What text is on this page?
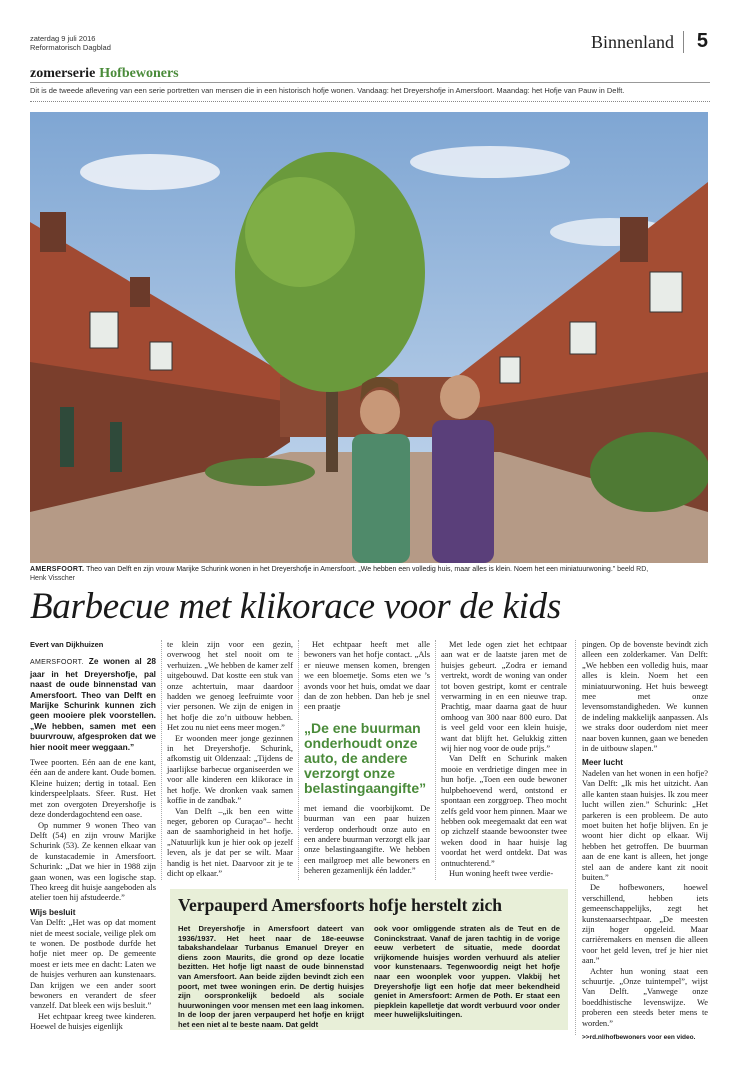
zaterdag 9 juli 2016
Reformatorisch Dagblad	Binnenland 5
zomerserie Hofbewoners
Dit is de tweede aflevering van een serie portretten van mensen die in een historisch hofje wonen. Vandaag: het Dreyershofje in Amersfoort. Maandag: het Hofje van Pauw in Delft.
AMERSFOORT. Theo van Delft en zijn vrouw Marijke Schurink wonen in het Dreyershofje in Amersfoort. „We hebben een volledig huis, maar alles is klein. Noem het een miniatuurwoning.” beeld RD,
Henk Visscher
Barbecue met klikorace voor de kids
Evert van Dijkhuizen

AMERSFOORT. Ze wonen al 28 jaar in het Dreyershofje, pal naast de oude binnenstad van Amersfoort. Theo van Delft en Marijke Schurink kunnen zich geen mooiere plek voorstellen. „We hebben, samen met een buurvrouw, afgesproken dat we hier nooit meer weggaan.”

Twee poorten. Eén aan de ene kant, één aan de andere kant. Oude bomen. Kleine huizen; dertig in totaal. Een kinderspeelplaats. Sfeer. Rust. Het met zon overgoten Dreyershofje is deze donderdagochtend een oase.

Op nummer 9 wonen Theo van Delft (54) en zijn vrouw Marijke Schurink (53). Ze kennen elkaar van de kunstacademie in Amersfoort. Schurink: „Dat we hier in 1988 zijn gaan wonen, was een logische stap. Theo kreeg dit huisje aangeboden als atelier toen hij afstudeerde.”

Wijs besluit

Van Delft: „Het was op dat moment niet de meest sociale, veilige plek om te wonen. De postbode durfde het hofje niet meer op. De gemeente moest er iets mee en dacht: Laten we de huisjes verhuren aan kunstenaars. Dan krijgen we een ander soort bewoners en verandert de sfeer vanzelf. Dat bleek een wijs besluit.”

Het echtpaar kreeg twee kinderen. Hoewel de huisjes eigenlijk

te klein zijn voor een gezin, overwoog het stel nooit om te verhuizen. „We hebben de kamer zelf uitgebouwd. Dat kostte een stuk van onze achtertuin, maar daardoor hadden we genoeg leefruimte voor vier personen. We zijn de enigen in het hofje die zo’n uitbouw hebben. Het zou nu niet eens meer mogen.”

Er woonden meer jonge gezinnen in het Dreyershofje. Schurink, afkomstig uit Oldenzaal: „Tijdens de jaarlijkse barbecue organiseerden we voor alle kinderen een klikorace in het hofje. We dronken vaak samen koffie in de zandbak.”

Van Delft –„ik ben een witte neger, geboren op Curaçao”– hecht aan de saamhorigheid in het hofje. „Natuurlijk kun je hier ook op jezelf leven, als je dat per se wilt. Maar handig is het niet. Daarvoor zit je te dicht op elkaar.”

Het echtpaar heeft met alle bewoners van het hofje contact. „Als er nieuwe mensen komen, brengen we een bloemetje. Soms eten we ’s avonds voor het huis, omdat we daar dan de zon hebben. Dan heb je snel een praatje

„De ene buurman onderhoudt onze auto, de andere verzorgt onze belastingaangifte”

met iemand die voorbijkomt. De buurman van een paar huizen verderop onderhoudt onze auto en een andere buurman verzorgt elk jaar onze belastingaangifte. We hebben een mailgroep met alle bewoners en beheren gezamenlijk één ladder.”

Met lede ogen ziet het echtpaar aan wat er de laatste jaren met de huisjes gebeurt. „Zodra er iemand vertrekt, wordt de woning van onder tot boven gestript, komt er centrale verwarming in en een nieuwe trap. Prachtig, maar daarna gaat de huur omhoog van 300 naar 800 euro. Dat is veel geld voor een klein huisje, want dat blijft het. Gelukkig zitten wij hier nog voor de oude prijs.”

Van Delft en Schurink maken mooie en verdrietige dingen mee in hun hofje. „Toen een oude bewoner hulpbehoevend werd, ontstond er spontaan een zorggroep. Theo mocht zelfs geld voor hem pinnen. Maar we hebben ook meegemaakt dat een wat op zichzelf staande bewoonster twee weken dood in haar huisje lag voordat het werd ontdekt. Dat was ontnuchterend.”

Hun woning heeft twee verdie-

pingen. Op de bovenste bevindt zich alleen een zolderkamer. Van Delft: „We hebben een volledig huis, maar alles is klein. Noem het een miniatuurwoning. Het huis beweegt mee met onze levensomstandigheden. We kunnen de indeling makkelijk aanpassen. Als we straks door ouderdom niet meer naar boven kunnen, gaan we beneden in de uitbouw slapen.”

Meer lucht

Nadelen van het wonen in een hofje? Van Delft: „Ik mis het uitzicht. Aan alle kanten staan huisjes. Ik zou meer lucht willen zien.” Schurink: „Het parkeren is een probleem. De auto moet buiten het hofje blijven. En je woont hier dicht op elkaar. Wij hebben het getroffen. De buurman aan de ene kant is alleen, het jonge stel aan de andere kant zit nooit buiten.”

De hofbewoners, hoewel verschillend, hebben iets gemeenschappelijks, zegt het kunstenaarsechtpaar. „De meesten zijn hoger opgeleid. Maar carrièremakers en mensen die alleen voor het geld leven, tref je hier niet aan.”

Achter hun woning staat een schuurtje. „Onze tuintempel”, wijst Van Delft. „Vanwege onze boeddhistische levenswijze. We proberen een steeds beter mens te worden.”

>>rd.nl/hofbewoners voor een video.
Verpauperd Amersfoorts hofje herstelt zich
Het Dreyershofje in Amersfoort dateert van 1936/1937. Het heet naar de 18e-eeuwse tabakshandelaar Turbanus Emanuel Dreyer en diens zoon Maurits, die grond op deze locatie bezitten. Het hofje ligt naast de oude binnenstad van Amersfoort. Aan beide zijden bevindt zich een poort, met twee woningen erin. De dertig huisjes zijn oorspronkelijk bedoeld als sociale huurwoningen voor mensen met een laag inkomen. In de loop der jaren verpauperd het hofje en krijgt het een niet al te beste naam. Dat geldt
ook voor omliggende straten als de Teut en de Coninckstraat. Vanaf de jaren tachtig in de vorige eeuw verbetert de situatie, mede doordat vrijkomende huisjes worden verhuurd als atelier voor kunstenaars. Tegenwoordig neigt het hofje naar een woonplek voor yuppen. Vlakbij het Dreyershofje ligt een hofje dat meer bekendheid geniet in Amersfoort: Armen de Poth. Er staat een piepklein kapelletje dat wordt verbuurd voor onder meer huwelijksluitingen.
